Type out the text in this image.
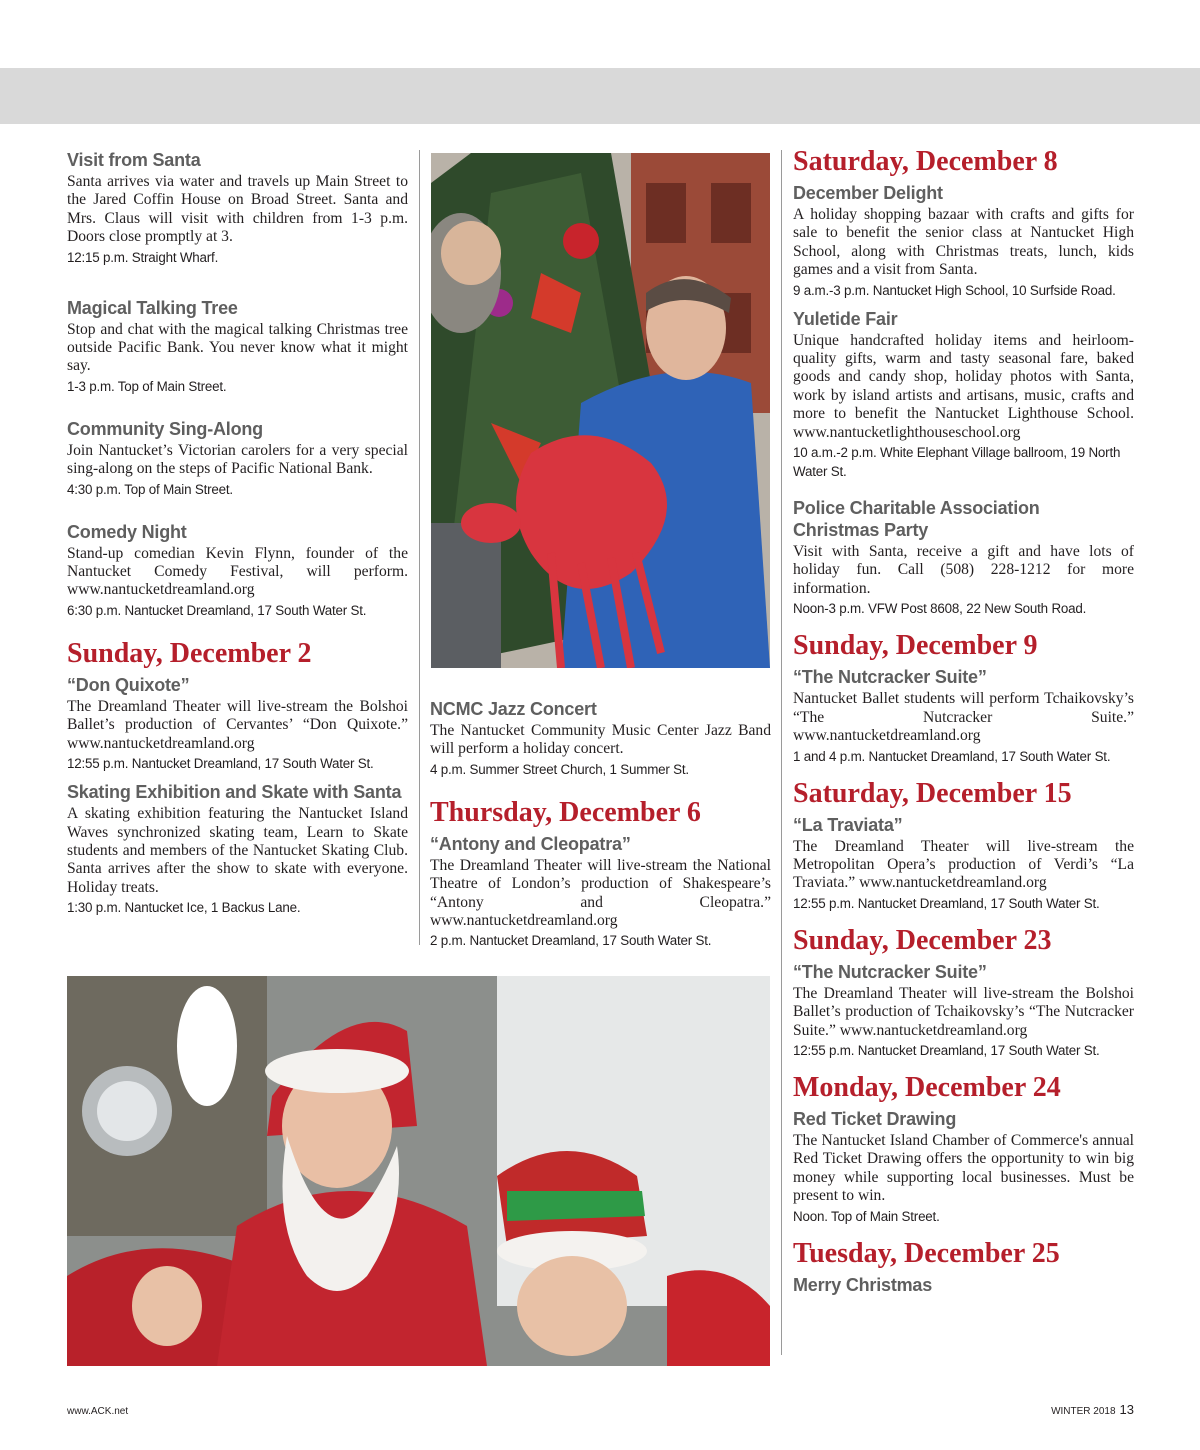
Visit from Santa

Santa arrives via water and travels up Main Street to the Jared Coffin House on Broad Street. Santa and Mrs. Claus will visit with children from 1-3 p.m. Doors close promptly at 3.

12:15 p.m. Straight Wharf.

Magical Talking Tree

Stop and chat with the magical talking Christmas tree outside Pacific Bank. You never know what it might say.

1-3 p.m. Top of Main Street.

Community Sing-Along

Join Nantucket’s Victorian carolers for a very special sing-along on the steps of Pacific National Bank.

4:30 p.m. Top of Main Street.

Comedy Night

Stand-up comedian Kevin Flynn, founder of the Nantucket Comedy Festival, will perform. www.nantucketdreamland.org

6:30 p.m. Nantucket Dreamland, 17 South Water St.

Sunday, December 2

“Don Quixote”

The Dreamland Theater will live-stream the Bolshoi Ballet’s production of Cervantes’ “Don Quixote.” www.nantucketdreamland.org

12:55 p.m. Nantucket Dreamland, 17 South Water St.

Skating Exhibition and Skate with Santa

A skating exhibition featuring the Nantucket Island Waves synchronized skating team, Learn to Skate students and members of the Nantucket Skating Club. Santa arrives after the show to skate with everyone. Holiday treats.

1:30 p.m. Nantucket Ice, 1 Backus Lane.

NCMC Jazz Concert

The Nantucket Community Music Center Jazz Band will perform a holiday concert.

4 p.m. Summer Street Church, 1 Summer St.

Thursday, December 6

“Antony and Cleopatra”

The Dreamland Theater will live-stream the National Theatre of London’s production of Shakespeare’s “Antony and Cleopatra.” www.nantucketdreamland.org

2 p.m. Nantucket Dreamland, 17 South Water St.

Saturday, December 8

December Delight

A holiday shopping bazaar with crafts and gifts for sale to benefit the senior class at Nantucket High School, along with Christmas treats, lunch, kids games and a visit from Santa.

9 a.m.-3 p.m. Nantucket High School, 10 Surfside Road.

Yuletide Fair

Unique handcrafted holiday items and heirloom-quality gifts, warm and tasty seasonal fare, baked goods and candy shop, holiday photos with Santa, work by island artists and artisans, music, crafts and more to benefit the Nantucket Lighthouse School. www.nantucketlighthouseschool.org

10 a.m.-2 p.m. White Elephant Village ballroom, 19 North Water St.

Police Charitable Association Christmas Party

Visit with Santa, receive a gift and have lots of holiday fun. Call (508) 228-1212 for more information.

Noon-3 p.m. VFW Post 8608, 22 New South Road.

Sunday, December 9

“The Nutcracker Suite”

Nantucket Ballet students will perform Tchaikovsky’s “The Nutcracker Suite.” www.nantucketdreamland.org

1 and 4 p.m. Nantucket Dreamland, 17 South Water St.

Saturday, December 15

“La Traviata”

The Dreamland Theater will live-stream the Metropolitan Opera’s production of Verdi’s “La Traviata.” www.nantucketdreamland.org

12:55 p.m. Nantucket Dreamland, 17 South Water St.

Sunday, December 23

“The Nutcracker Suite”

The Dreamland Theater will live-stream the Bolshoi Ballet’s production of Tchaikovsky’s “The Nutcracker Suite.” www.nantucketdreamland.org

12:55 p.m. Nantucket Dreamland, 17 South Water St.

Monday, December 24

Red Ticket Drawing

The Nantucket Island Chamber of Commerce's annual Red Ticket Drawing offers the opportunity to win big money while supporting local businesses. Must be present to win.

Noon. Top of Main Street.

Tuesday, December 25

Merry Christmas

www.ACK.net	WINTER 2018 13
